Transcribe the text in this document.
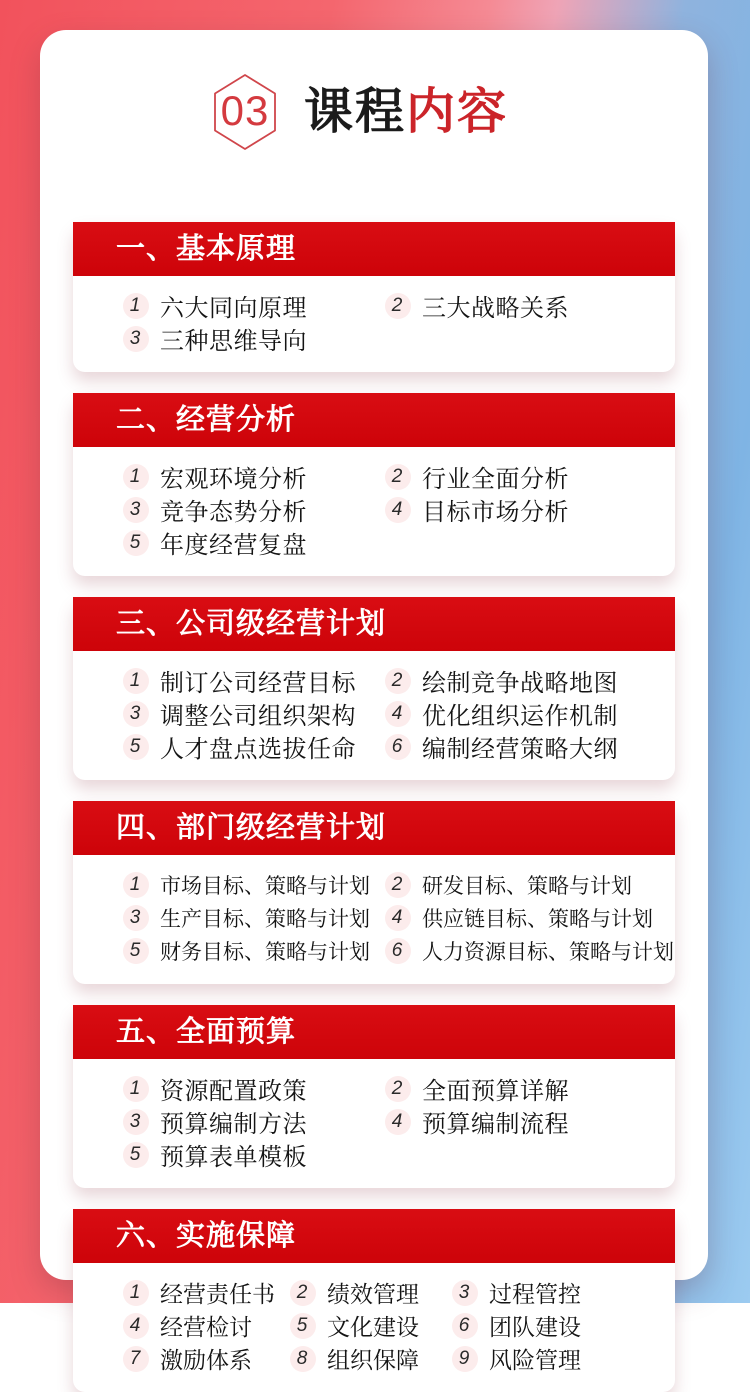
03 课程内容
一、基本原理
1 六大同向原理	2 三大战略关系
3 三种思维导向
二、经营分析
1 宏观环境分析	2 行业全面分析
3 竞争态势分析	4 目标市场分析
5 年度经营复盘
三、公司级经营计划
1 制订公司经营目标	2 绘制竞争战略地图
3 调整公司组织架构	4 优化组织运作机制
5 人才盘点选拔任命	6 编制经营策略大纲
四、部门级经营计划
1 市场目标、策略与计划	2 研发目标、策略与计划
3 生产目标、策略与计划	4 供应链目标、策略与计划
5 财务目标、策略与计划	6 人力资源目标、策略与计划
五、全面预算
1 资源配置政策	2 全面预算详解
3 预算编制方法	4 预算编制流程
5 预算表单模板
六、实施保障
1 经营责任书	2 绩效管理	3 过程管控
4 经营检讨	5 文化建设	6 团队建设
7 激励体系	8 组织保障	9 风险管理
